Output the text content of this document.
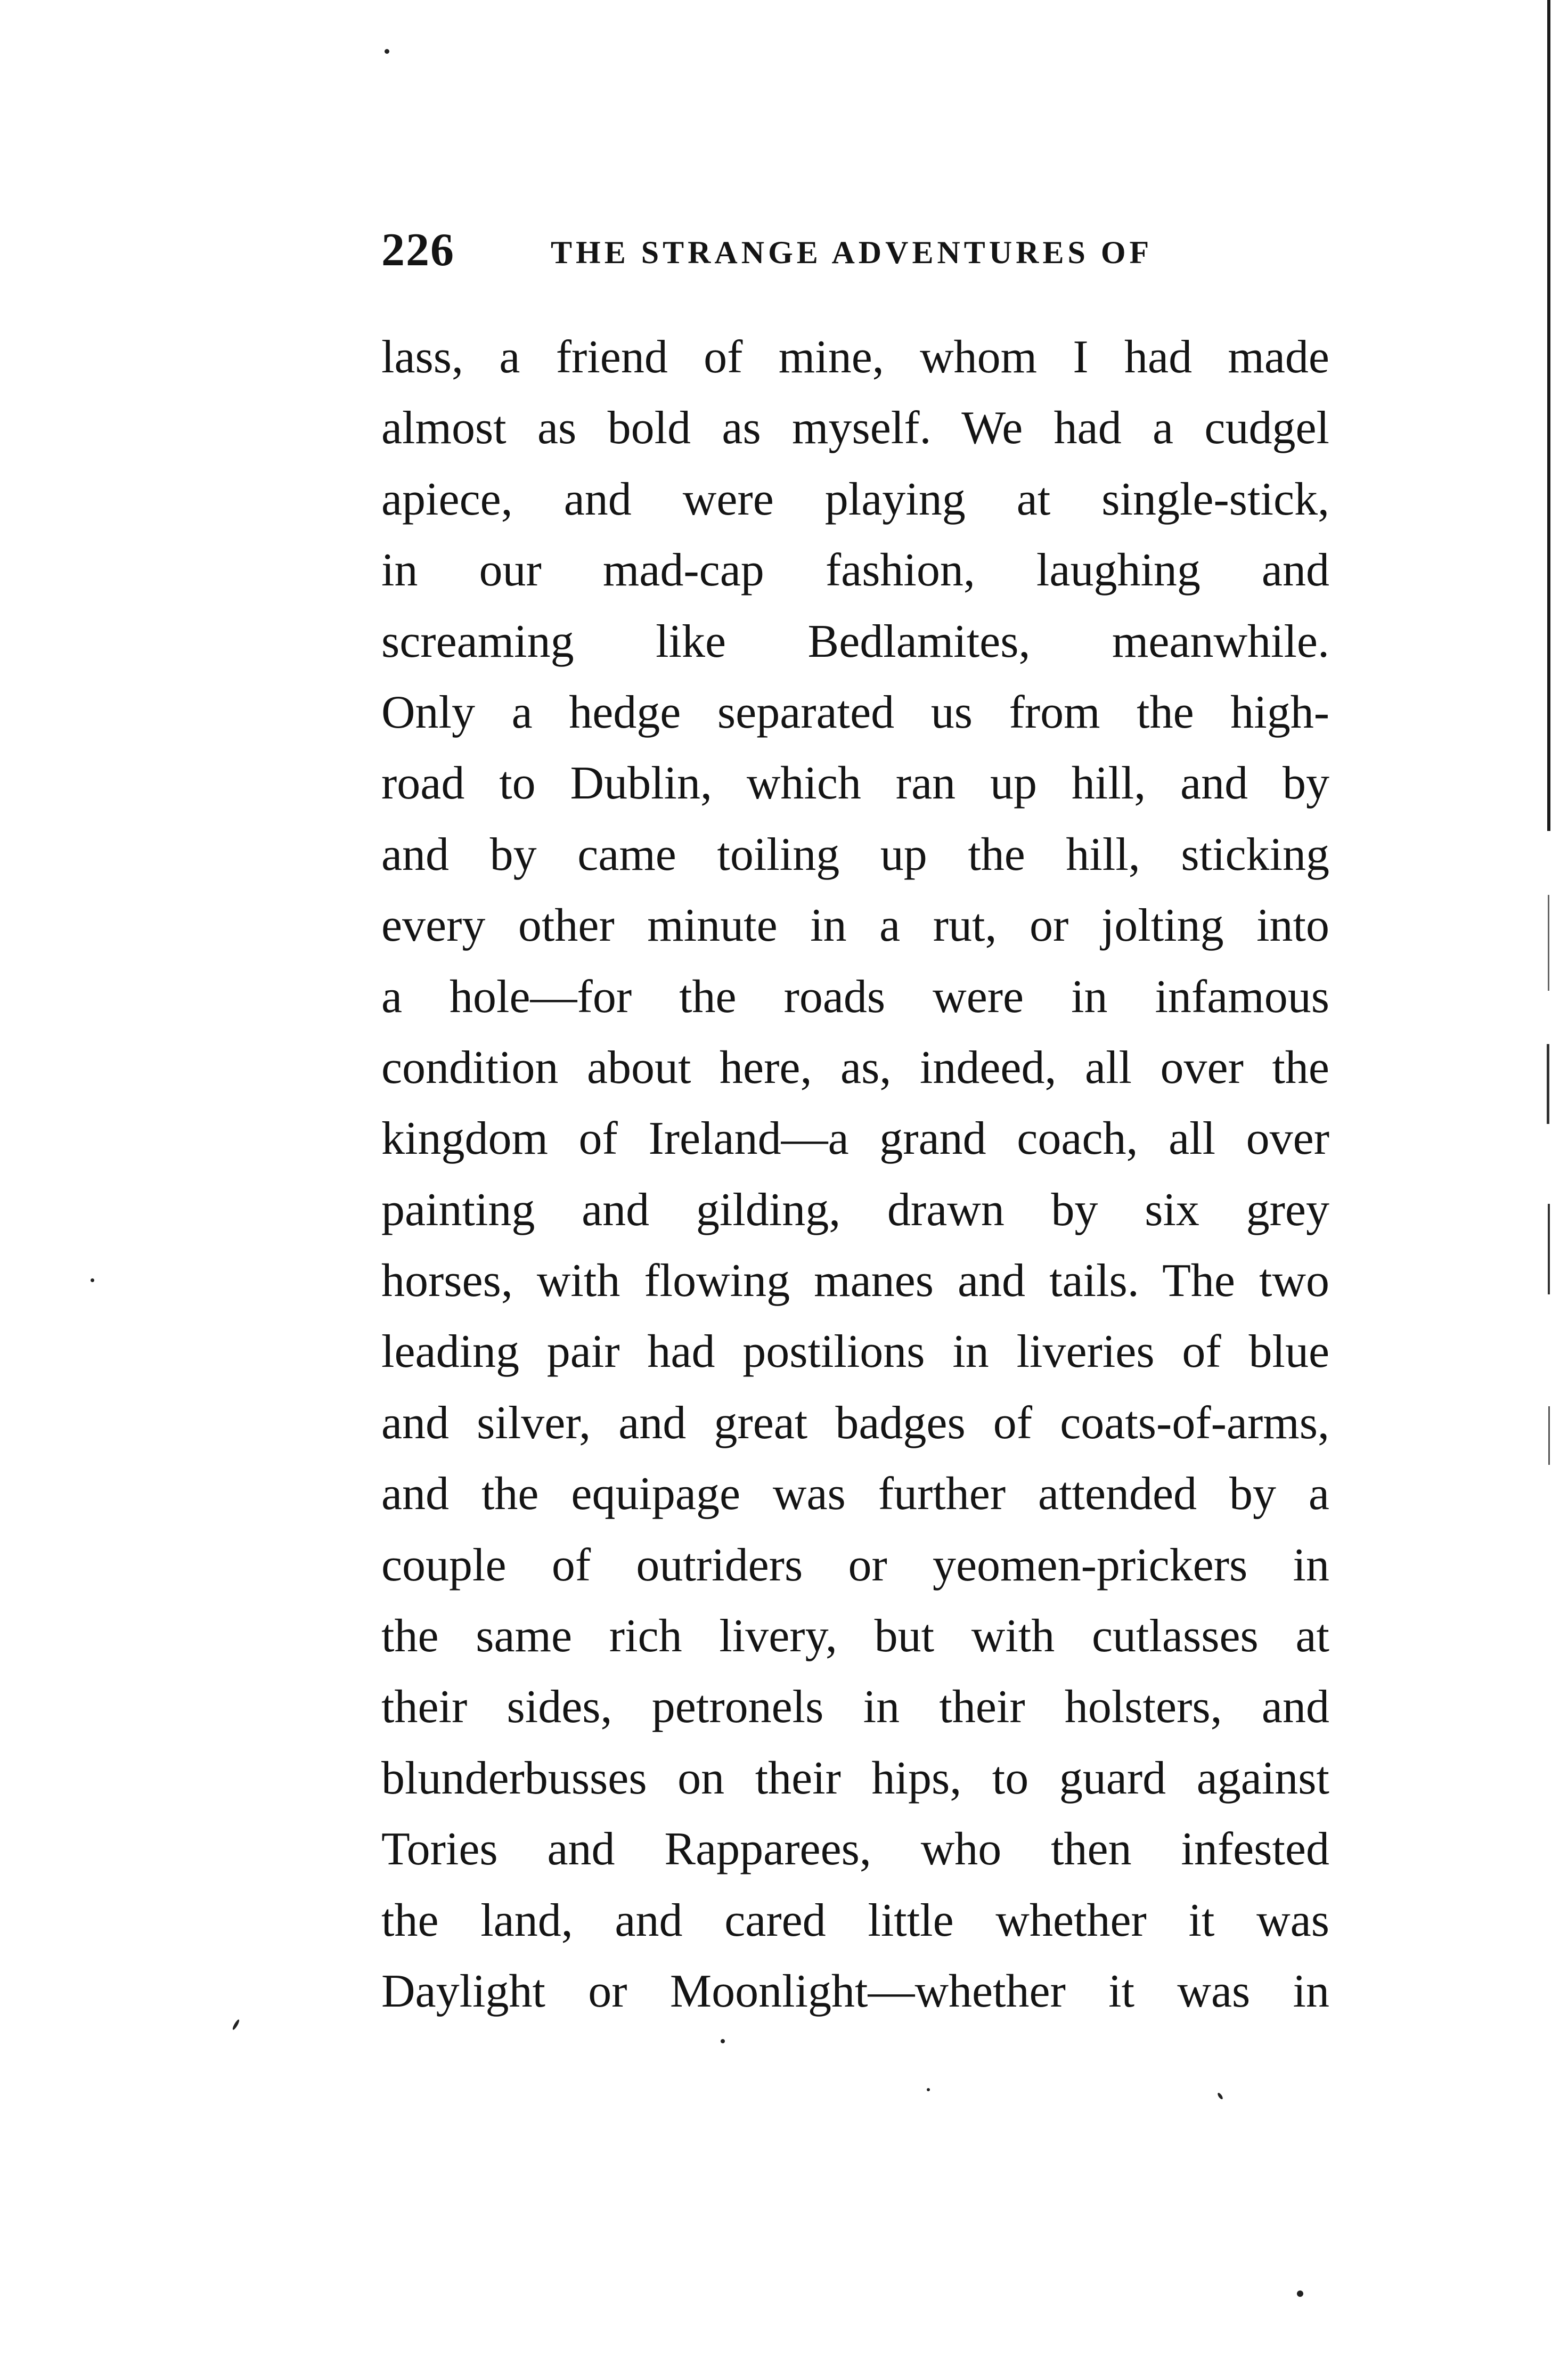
226	THE STRANGE ADVENTURES OF
lass, a friend of mine, whom I had made
almost as bold as myself. We had a cudgel
apiece, and were playing at single-stick,
in our mad-cap fashion, laughing and
screaming like Bedlamites, meanwhile.
Only a hedge separated us from the high-
road to Dublin, which ran up hill, and by
and by came toiling up the hill, sticking
every other minute in a rut, or jolting into
a hole—for the roads were in infamous
condition about here, as, indeed, all over the
kingdom of Ireland—a grand coach, all over
painting and gilding, drawn by six grey
horses, with flowing manes and tails. The two
leading pair had postilions in liveries of blue
and silver, and great badges of coats-of-arms,
and the equipage was further attended by a
couple of outriders or yeomen-prickers in
the same rich livery, but with cutlasses at
their sides, petronels in their holsters, and
blunderbusses on their hips, to guard against
Tories and Rapparees, who then infested
the land, and cared little whether it was
Daylight or Moonlight—whether it was in
